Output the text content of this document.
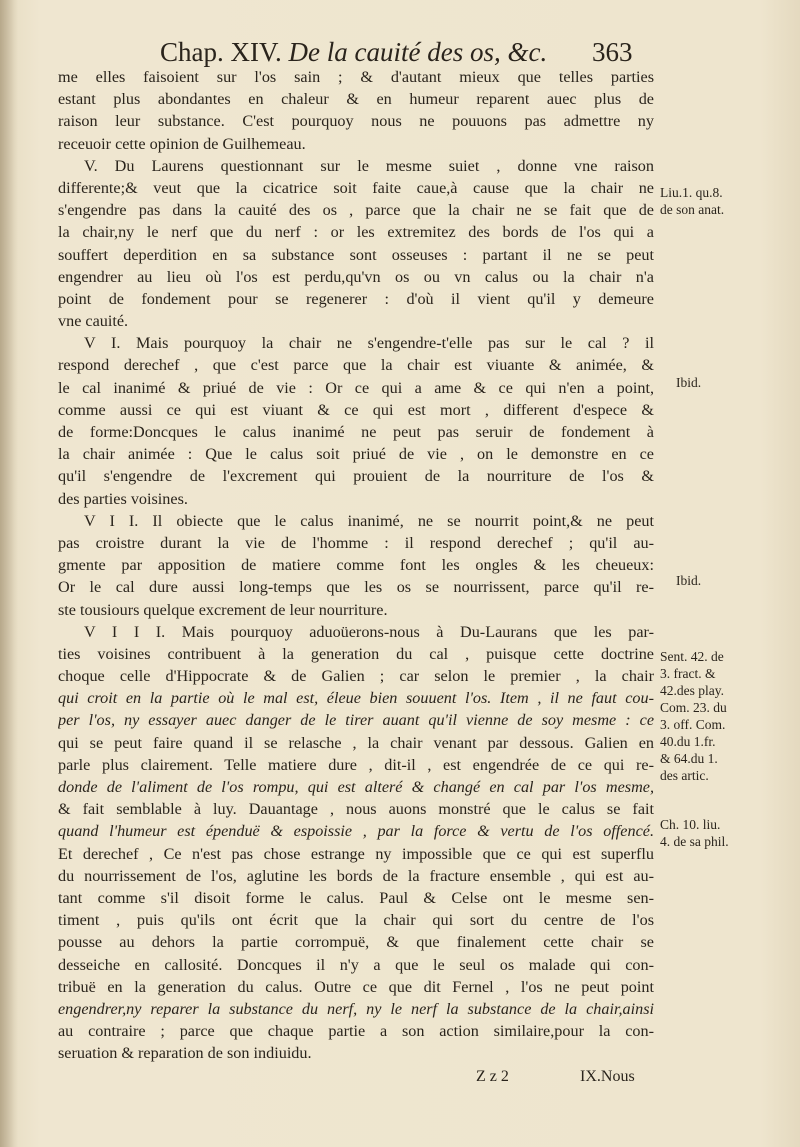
Chap. XIV. De la cauité des os, &c.	363
me elles faisoient sur l'os sain ; & d'autant mieux que telles parties
estant plus abondantes en chaleur & en humeur reparent auec plus de
raison leur substance. C'est pourquoy nous ne pouuons pas admettre ny
receuoir cette opinion de Guilhemeau.
V. Du Laurens questionnant sur le mesme suiet , donne vne raison
differente;& veut que la cicatrice soit faite caue,à cause que la chair ne
s'engendre pas dans la cauité des os , parce que la chair ne se fait que de
la chair,ny le nerf que du nerf : or les extremitez des bords de l'os qui a
souffert deperdition en sa substance sont osseuses : partant il ne se peut
engendrer au lieu où l'os est perdu,qu'vn os ou vn calus ou la chair n'a
point de fondement pour se regenerer : d'où il vient qu'il y demeure
vne cauité.
V I. Mais pourquoy la chair ne s'engendre-t'elle pas sur le cal ? il
respond derechef , que c'est parce que la chair est viuante & animée, &
le cal inanimé & priué de vie : Or ce qui a ame & ce qui n'en a point,
comme aussi ce qui est viuant & ce qui est mort , different d'espece &
de forme:Doncques le calus inanimé ne peut pas seruir de fondement à
la chair animée : Que le calus soit priué de vie , on le demonstre en ce
qu'il s'engendre de l'excrement qui prouient de la nourriture de l'os &
des parties voisines.
V I I. Il obiecte que le calus inanimé, ne se nourrit point,& ne peut
pas croistre durant la vie de l'homme : il respond derechef ; qu'il au-
gmente par apposition de matiere comme font les ongles & les cheueux:
Or le cal dure aussi long-temps que les os se nourrissent, parce qu'il re-
ste tousiours quelque excrement de leur nourriture.
V I I I. Mais pourquoy aduoüerons-nous à Du-Laurans que les par-
ties voisines contribuent à la generation du cal , puisque cette doctrine
choque celle d'Hippocrate & de Galien ; car selon le premier , la chair
qui croit en la partie où le mal est, éleue bien souuent l'os. Item , il ne faut cou-
per l'os, ny essayer auec danger de le tirer auant qu'il vienne de soy mesme : ce
qui se peut faire quand il se relasche , la chair venant par dessous. Galien en
parle plus clairement. Telle matiere dure , dit-il , est engendrée de ce qui re-
donde de l'aliment de l'os rompu, qui est alteré & changé en cal par l'os mesme,
& fait semblable à luy. Dauantage , nous auons monstré que le calus se fait
quand l'humeur est épenduë & espoissie , par la force & vertu de l'os offencé.
Et derechef , Ce n'est pas chose estrange ny impossible que ce qui est superflu
du nourrissement de l'os, aglutine les bords de la fracture ensemble , qui est au-
tant comme s'il disoit forme le calus. Paul & Celse ont le mesme sen-
timent , puis qu'ils ont écrit que la chair qui sort du centre de l'os
pousse au dehors la partie corrompuë, & que finalement cette chair se
desseiche en callosité. Doncques il n'y a que le seul os malade qui con-
tribuë en la generation du calus. Outre ce que dit Fernel , l'os ne peut point
engendrer,ny reparer la substance du nerf, ny le nerf la substance de la chair,ainsi
au contraire ; parce que chaque partie a son action similaire,pour la con-
seruation & reparation de son indiuidu.
Liu.1. qu.8.
de son anat.
Ibid.
Ibid.
Sent. 42. de
3. fract. &
42.des play.
Com. 23. du
3. off. Com.
40.du 1.fr.
& 64.du 1.
des artic.
Ch. 10. liu.
4. de sa phil.
Z z 2	IX.Nous
